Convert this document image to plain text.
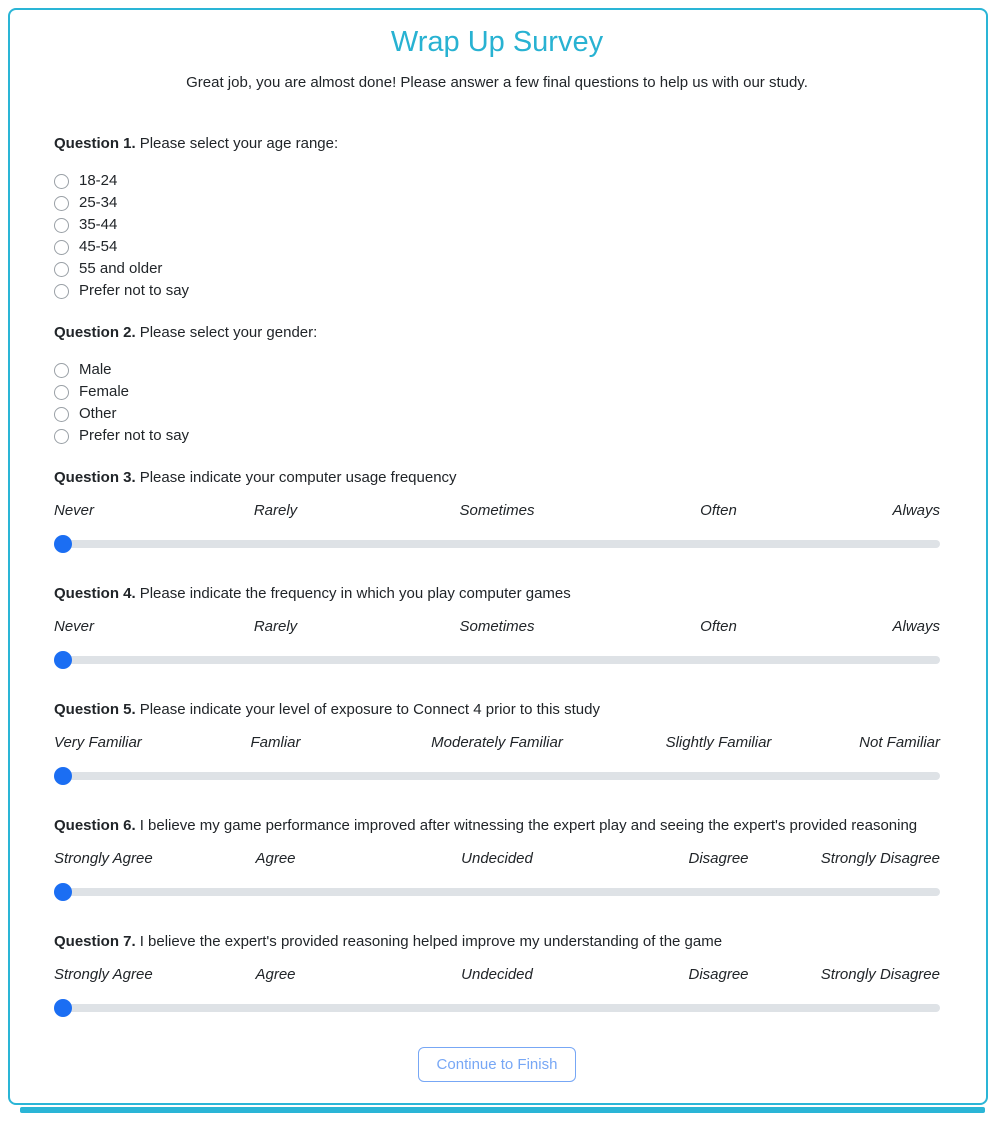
Wrap Up Survey

Great job, you are almost done! Please answer a few final questions to help us with our study.

Question 1. Please select your age range:

18-24
25-34
35-44
45-54
55 and older
Prefer not to say

Question 2. Please select your gender:

Male
Female
Other
Prefer not to say

Question 3. Please indicate your computer usage frequency

Never	Rarely	Sometimes	Often	Always

Question 4. Please indicate the frequency in which you play computer games

Never	Rarely	Sometimes	Often	Always

Question 5. Please indicate your level of exposure to Connect 4 prior to this study

Very Familiar	Famliar	Moderately Familiar	Slightly Familiar	Not Familiar

Question 6. I believe my game performance improved after witnessing the expert play and seeing the expert's provided reasoning

Strongly Agree	Agree	Undecided	Disagree	Strongly Disagree

Question 7. I believe the expert's provided reasoning helped improve my understanding of the game

Strongly Agree	Agree	Undecided	Disagree	Strongly Disagree
Continue to Finish
